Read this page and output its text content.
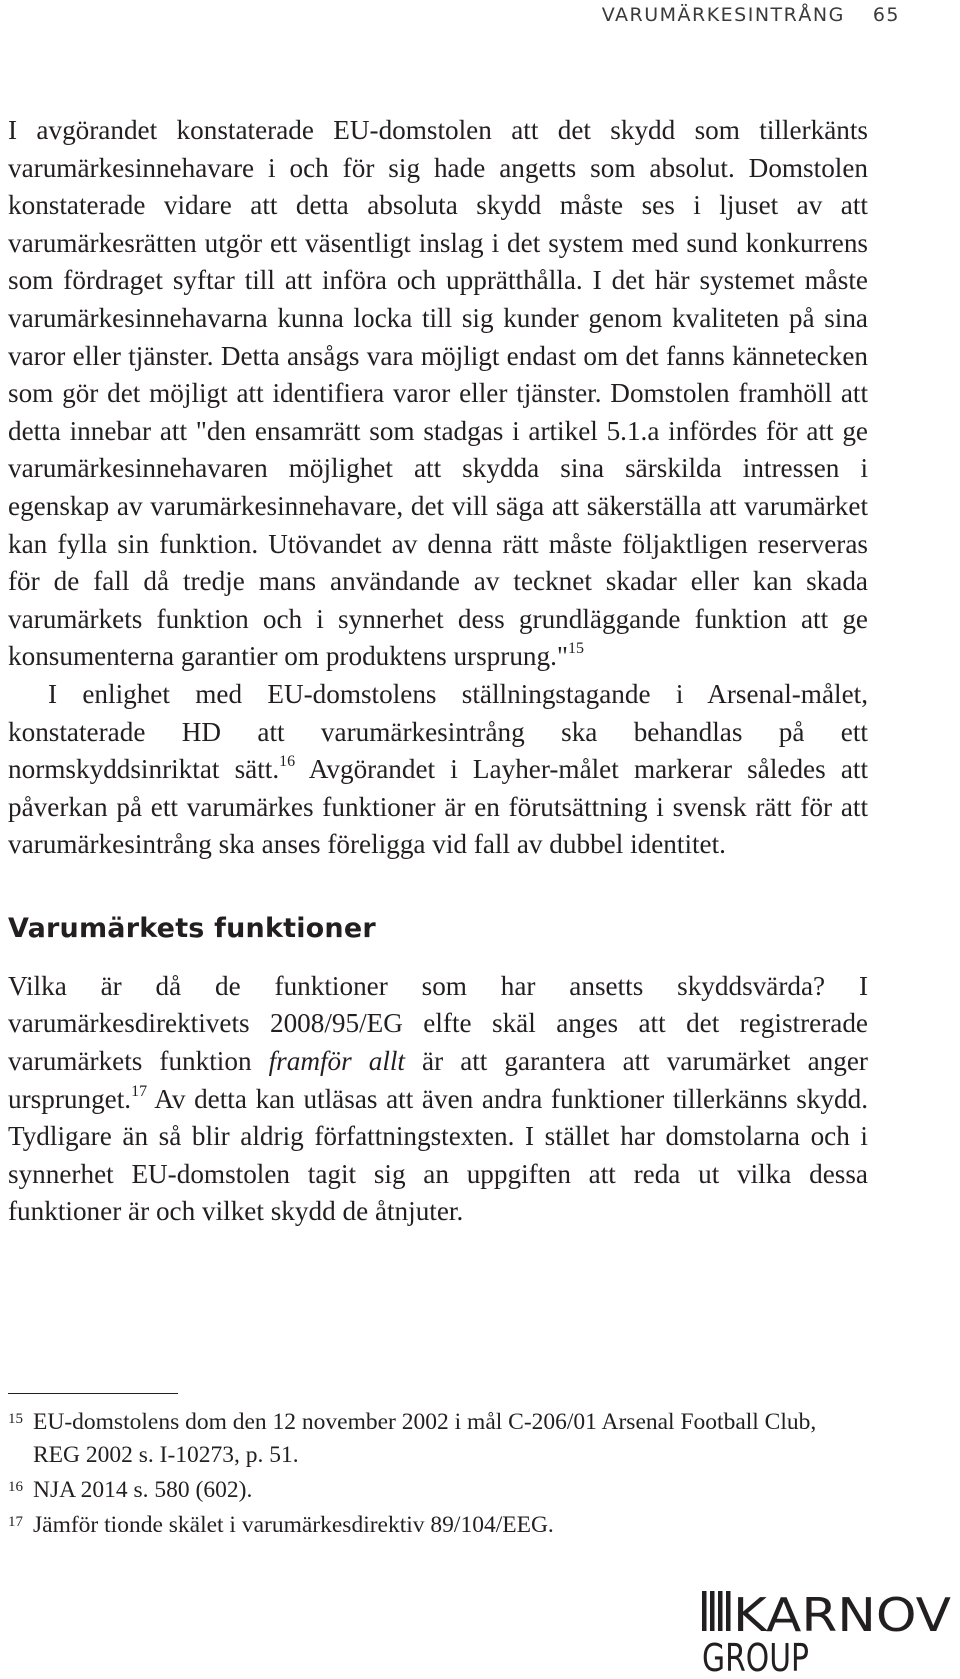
VARUMÄRKESINTRÅNG 65

I avgörandet konstaterade EU-domstolen att det skydd som tillerkänts varumärkesinnehavare i och för sig hade angetts som absolut. Domstolen konstaterade vidare att detta absoluta skydd måste ses i ljuset av att varumärkesrätten utgör ett väsentligt inslag i det system med sund konkurrens som fördraget syftar till att införa och upprätthålla. I det här systemet måste varumärkesinnehavarna kunna locka till sig kunder genom kvaliteten på sina varor eller tjänster. Detta ansågs vara möjligt endast om det fanns kännetecken som gör det möjligt att identifiera varor eller tjänster. Domstolen framhöll att detta innebar att "den ensamrätt som stadgas i artikel 5.1.a infördes för att ge varumärkesinnehavaren möjlighet att skydda sina särskilda intressen i egenskap av varumärkesinnehavare, det vill säga att säkerställa att varumärket kan fylla sin funktion. Utövandet av denna rätt måste följaktligen reserveras för de fall då tredje mans användande av tecknet skadar eller kan skada varumärkets funktion och i synnerhet dess grundläggande funktion att ge konsumenterna garantier om produktens ursprung."$^{15}$

I enlighet med EU-domstolens ställningstagande i Arsenal-målet, konstaterade HD att varumärkesintrång ska behandlas på ett normskyddsinriktat sätt.$^{16}$ Avgörandet i Layher-målet markerar således att påverkan på ett varumärkes funktioner är en förutsättning i svensk rätt för att varumärkesintrång ska anses föreligga vid fall av dubbel identitet.

Varumärkets funktioner

Vilka är då de funktioner som har ansetts skyddsvärda? I varumärkesdirektivets 2008/95/EG elfte skäl anges att det registrerade varumärkets funktion framför allt är att garantera att varumärket anger ursprunget.$^{17}$ Av detta kan utläsas att även andra funktioner tillerkänns skydd. Tydligare än så blir aldrig författningstexten. I stället har domstolarna och i synnerhet EU-domstolen tagit sig an uppgiften att reda ut vilka dessa funktioner är och vilket skydd de åtnjuter.

15 EU-domstolens dom den 12 november 2002 i mål C-206/01 Arsenal Football Club, REG 2002 s. I-10273, p. 51.
16 NJA 2014 s. 580 (602).
17 Jämför tionde skälet i varumärkesdirektiv 89/104/EEG.
KARNOV
GROUP
